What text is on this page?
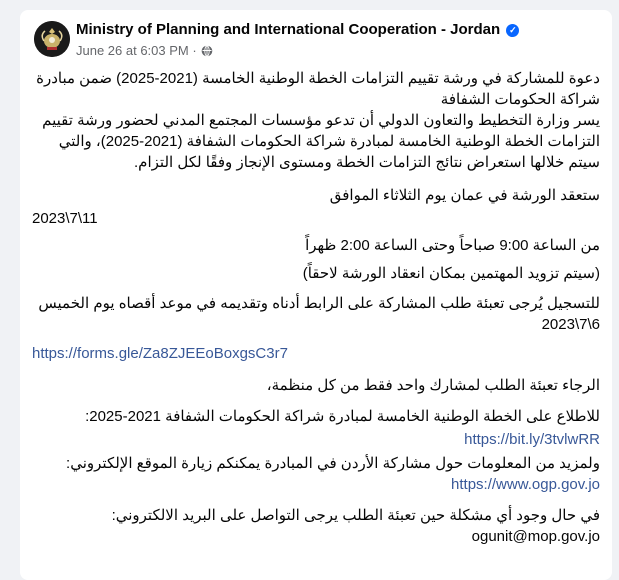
Ministry of Planning and International Cooperation - Jordan ✓
June 26 at 6:03 PM ·
دعوة للمشاركة في ورشة تقييم التزامات الخطة الوطنية الخامسة (2021-2025) ضمن مبادرة شراكة الحكومات الشفافة
يسر وزارة التخطيط والتعاون الدولي أن تدعو مؤسسات المجتمع المدني لحضور ورشة تقييم التزامات الخطة الوطنية الخامسة لمبادرة شراكة الحكومات الشفافة (2021-2025)، والتي سيتم خلالها استعراض نتائج التزامات الخطة ومستوى الإنجاز وفقًا لكل التزام.
ستعقد الورشة في عمان يوم الثلاثاء الموافق
2023\7\11
من الساعة 9:00 صباحاً وحتى الساعة 2:00 ظهراً
(سيتم تزويد المهتمين بمكان انعقاد الورشة لاحقاً)
للتسجيل يُرجى تعبئة طلب المشاركة على الرابط أدناه وتقديمه في موعد أقصاه يوم الخميس 6\7\2023
https://forms.gle/Za8ZJEEoBoxgsC3r7
الرجاء تعبئة الطلب لمشارك واحد فقط من كل منظمة،
للاطلاع على الخطة الوطنية الخامسة لمبادرة شراكة الحكومات الشفافة 2021-2025:
https://bit.ly/3tvlwRR
ولمزيد من المعلومات حول مشاركة الأردن في المبادرة يمكنكم زيارة الموقع الإلكتروني: https://www.ogp.gov.jo
في حال وجود أي مشكلة حين تعبئة الطلب يرجى التواصل على البريد الالكتروني: ogunit@mop.gov.jo
